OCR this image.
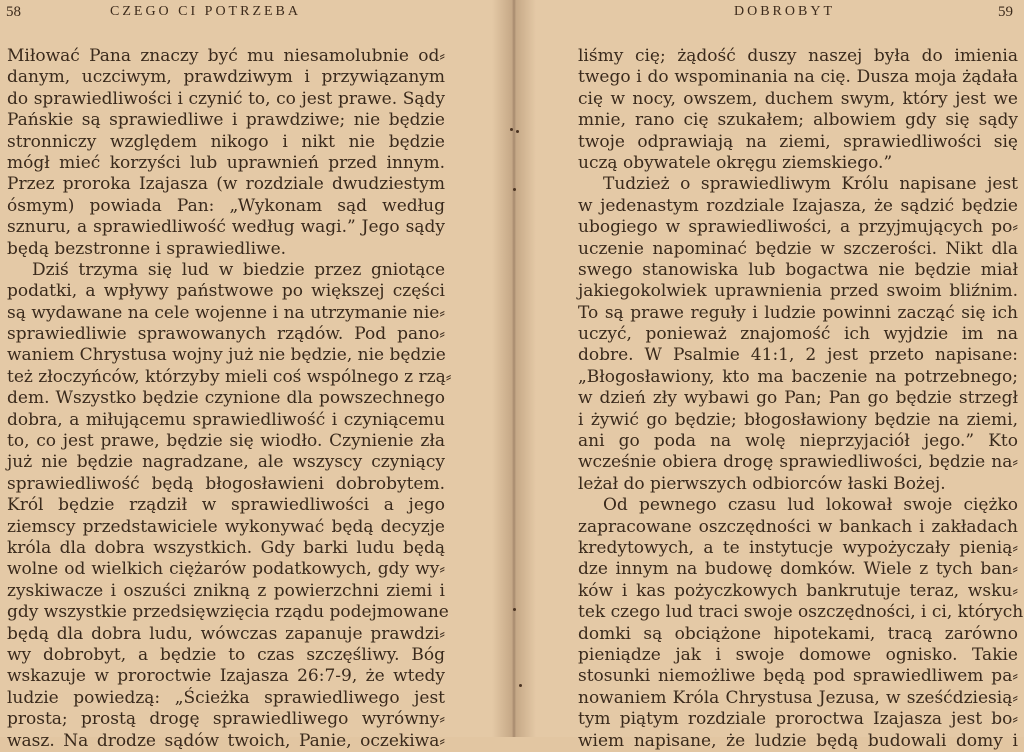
58	CZEGO CI POTRZEBA
Miłować Pana znaczy być mu niesamolubnie od⸗
danym, uczciwym, prawdziwym i przywiązanym
do sprawiedliwości i czynić to, co jest prawe. Sądy
Pańskie są sprawiedliwe i prawdziwe; nie będzie
stronniczy względem nikogo i nikt nie będzie
mógł mieć korzyści lub uprawnień przed innym.
Przez proroka Izajasza (w rozdziale dwudziestym
ósmym) powiada Pan: „Wykonam sąd według
sznuru, a sprawiedliwość według wagi.” Jego sądy
będą bezstronne i sprawiedliwe.
Dziś trzyma się lud w biedzie przez gniotące
podatki, a wpływy państwowe po większej części
są wydawane na cele wojenne i na utrzymanie nie⸗
sprawiedliwie sprawowanych rządów. Pod pano⸗
waniem Chrystusa wojny już nie będzie, nie będzie
też złoczyńców, którzyby mieli coś wspólnego z rzą⸗
dem. Wszystko będzie czynione dla powszechnego
dobra, a miłującemu sprawiedliwość i czyniącemu
to, co jest prawe, będzie się wiodło. Czynienie zła
już nie będzie nagradzane, ale wszyscy czyniący
sprawiedliwość będą błogosławieni dobrobytem.
Król będzie rządził w sprawiedliwości a jego
ziemscy przedstawiciele wykonywać będą decyzje
króla dla dobra wszystkich. Gdy barki ludu będą
wolne od wielkich ciężarów podatkowych, gdy wy⸗
zyskiwacze i oszuści znikną z powierzchni ziemi i
gdy wszystkie przedsięwzięcia rządu podejmowane
będą dla dobra ludu, wówczas zapanuje prawdzi⸗
wy dobrobyt, a będzie to czas szczęśliwy. Bóg
wskazuje w proroctwie Izajasza 26:7-9, że wtedy
ludzie powiedzą: „Ścieżka sprawiedliwego jest
prosta; prostą drogę sprawiedliwego wyrówny⸗
wasz. Na drodze sądów twoich, Panie, oczekiwa⸗
DOBROBYT	59
liśmy cię; żądość duszy naszej była do imienia
twego i do wspominania na cię. Dusza moja żądała
cię w nocy, owszem, duchem swym, który jest we
mnie, rano cię szukałem; albowiem gdy się sądy
twoje odprawiają na ziemi, sprawiedliwości się
uczą obywatele okręgu ziemskiego.”
Tudzież o sprawiedliwym Królu napisane jest
w jedenastym rozdziale Izajasza, że sądzić będzie
ubogiego w sprawiedliwości, a przyjmujących po⸗
uczenie napominać będzie w szczerości. Nikt dla
swego stanowiska lub bogactwa nie będzie miał
jakiegokolwiek uprawnienia przed swoim bliźnim.
To są prawe reguły i ludzie powinni zacząć się ich
uczyć, ponieważ znajomość ich wyjdzie im na
dobre. W Psalmie 41:1, 2 jest przeto napisane:
„Błogosławiony, kto ma baczenie na potrzebnego;
w dzień zły wybawi go Pan; Pan go będzie strzegł
i żywić go będzie; błogosławiony będzie na ziemi,
ani go poda na wolę nieprzyjaciół jego.” Kto
wcześnie obiera drogę sprawiedliwości, będzie na⸗
leżał do pierwszych odbiorców łaski Bożej.
Od pewnego czasu lud lokował swoje ciężko
zapracowane oszczędności w bankach i zakładach
kredytowych, a te instytucje wypożyczały pienią⸗
dze innym na budowę domków. Wiele z tych ban⸗
ków i kas pożyczkowych bankrutuje teraz, wsku⸗
tek czego lud traci swoje oszczędności, i ci, których
domki są obciążone hipotekami, tracą zarówno
pieniądze jak i swoje domowe ognisko. Takie
stosunki niemożliwe będą pod sprawiedliwem pa⸗
nowaniem Króla Chrystusa Jezusa, w sześćdziesią⸗
tym piątym rozdziale proroctwa Izajasza jest bo⸗
wiem napisane, że ludzie będą budowali domy i
